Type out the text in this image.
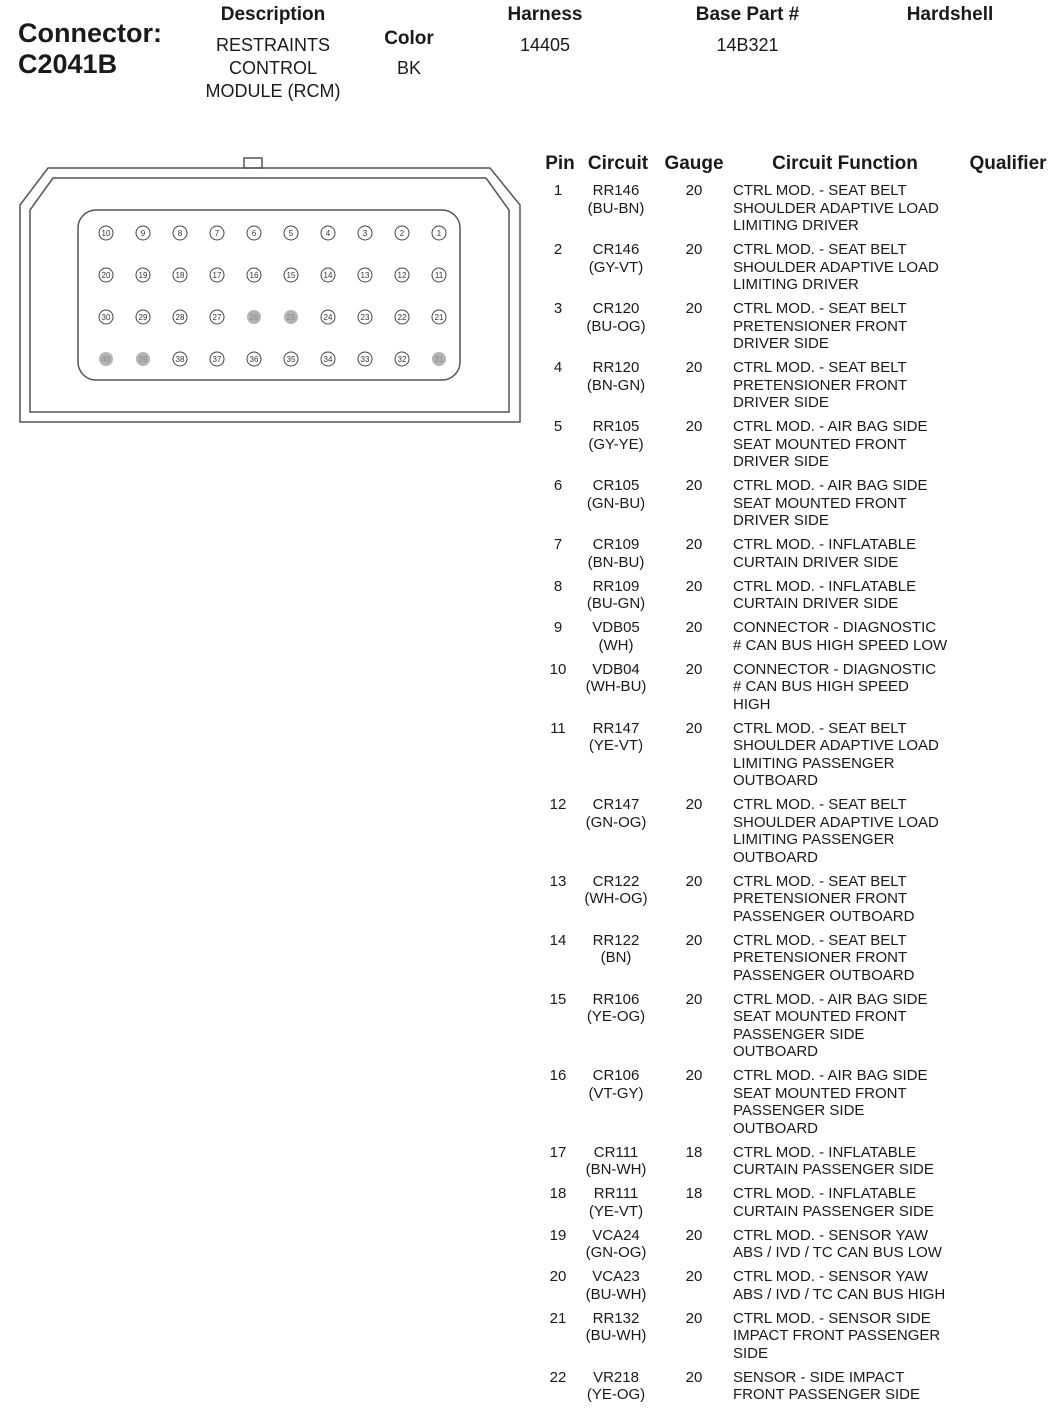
Connector:
C2041B
Description
RESTRAINTS
CONTROL
MODULE (RCM)
Color
BK
Harness
14405
Base Part #
14B321
Hardshell
10	9	8	7	6	5	4	3	2	1
20	19	18	17	16	15	14	13	12	11
30	29	28	27	26	25	24	23	22	21
40	39	38	37	36	35	34	33	32	31
Pin Circuit Gauge	Circuit Function	Qualifier
1	RR146
(BU-BN)
20	CTRL MOD. - SEAT BELT
SHOULDER ADAPTIVE LOAD
LIMITING DRIVER
2	CR146
(GY-VT)
20	CTRL MOD. - SEAT BELT
SHOULDER ADAPTIVE LOAD
LIMITING DRIVER
3	CR120
(BU-OG)
20	CTRL MOD. - SEAT BELT
PRETENSIONER FRONT
DRIVER SIDE
4	RR120
(BN-GN)
20	CTRL MOD. - SEAT BELT
PRETENSIONER FRONT
DRIVER SIDE
5	RR105
(GY-YE)
20	CTRL MOD. - AIR BAG SIDE
SEAT MOUNTED FRONT
DRIVER SIDE
6	CR105
(GN-BU)
20	CTRL MOD. - AIR BAG SIDE
SEAT MOUNTED FRONT
DRIVER SIDE
7	CR109
(BN-BU)
20	CTRL MOD. - INFLATABLE
CURTAIN DRIVER SIDE
8	RR109
(BU-GN)
20	CTRL MOD. - INFLATABLE
CURTAIN DRIVER SIDE
9	VDB05
(WH)
20	CONNECTOR - DIAGNOSTIC
# CAN BUS HIGH SPEED LOW
10	VDB04
(WH-BU)
20	CONNECTOR - DIAGNOSTIC
# CAN BUS HIGH SPEED
HIGH
11	RR147
(YE-VT)
20	CTRL MOD. - SEAT BELT
SHOULDER ADAPTIVE LOAD
LIMITING PASSENGER
OUTBOARD
12	CR147
(GN-OG)
20	CTRL MOD. - SEAT BELT
SHOULDER ADAPTIVE LOAD
LIMITING PASSENGER
OUTBOARD
13	CR122
(WH-OG)
20	CTRL MOD. - SEAT BELT
PRETENSIONER FRONT
PASSENGER OUTBOARD
14	RR122
(BN)
20	CTRL MOD. - SEAT BELT
PRETENSIONER FRONT
PASSENGER OUTBOARD
15	RR106
(YE-OG)
20	CTRL MOD. - AIR BAG SIDE
SEAT MOUNTED FRONT
PASSENGER SIDE
OUTBOARD
16	CR106
(VT-GY)
20	CTRL MOD. - AIR BAG SIDE
SEAT MOUNTED FRONT
PASSENGER SIDE
OUTBOARD
17	CR111
(BN-WH)
18	CTRL MOD. - INFLATABLE
CURTAIN PASSENGER SIDE
18	RR111
(YE-VT)
18	CTRL MOD. - INFLATABLE
CURTAIN PASSENGER SIDE
19	VCA24
(GN-OG)
20	CTRL MOD. - SENSOR YAW
ABS / IVD / TC CAN BUS LOW
20	VCA23
(BU-WH)
20	CTRL MOD. - SENSOR YAW
ABS / IVD / TC CAN BUS HIGH
21	RR132
(BU-WH)
20	CTRL MOD. - SENSOR SIDE
IMPACT FRONT PASSENGER
SIDE
22	VR218
(YE-OG)
20	SENSOR - SIDE IMPACT
FRONT PASSENGER SIDE
